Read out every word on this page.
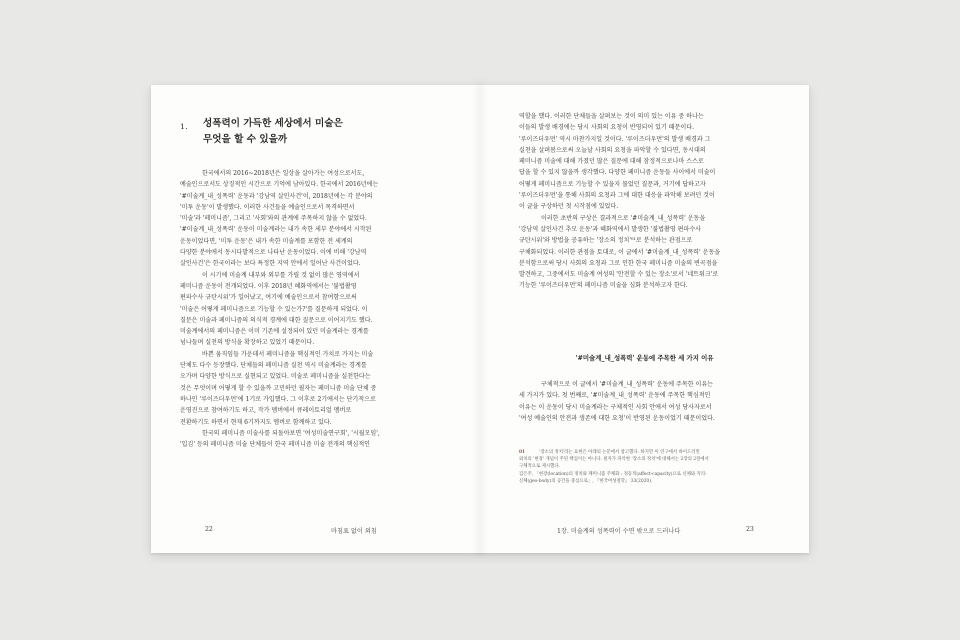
1. 성폭력이 가득한 세상에서 미술은
무엇을 할 수 있을까
한국에서의 2016~2018년은 일상을 살아가는 여성으로서도,
예술인으로서도 상징적인 시간으로 기억에 남아있다. 한국에서 2016년에는
'#미술계_내_성폭력' 운동과 '강남역 살인사건'이, 2018년에는 각 분야의
'미투 운동'이 발생했다. 이러한 사건들을 예술인으로서 목격하면서
'미술'과 '페미니즘', 그리고 '사회'와의 관계에 주목하지 않을 수 없었다.
'#미술계_내_성폭력' 운동이 미술계라는 내가 속한 세부 분야에서 시작된
운동이었다면, '미투 운동'은 내가 속한 미술계를 포함한 전 세계의
다양한 분야에서 동시다발적으로 나타난 운동이었다. 이에 비해 '강남역
살인사건'은 한국이라는 보다 특정한 지역 안에서 일어난 사건이었다.
이 시기에 미술계 내부와 외부를 가릴 것 없이 많은 영역에서
페미니즘 운동이 전개되었다. 이후 2018년 혜화역에서는 '불법촬영
편파수사 규탄시위'가 일어났고, 여기에 예술인으로서 참여함으로써
'미술은 어떻게 페미니즘으로 기능할 수 있는가?'를 질문하게 되었다. 이
질문은 미술과 페미니즘의 의식적 경계에 대한 질문으로 이어지기도 했다.
미술계에서의 페미니즘은 이미 기존에 설정되어 있던 미술계라는 경계를
넘나들며 실천의 방식을 확장하고 있었기 때문이다.
바쁜 움직임들 가운데서 페미니즘을 핵심적인 가치로 가지는 미술
단체도 다수 등장했다. 단체들의 페미니즘 실천 역시 미술계라는 경계를
오가며 다양한 방식으로 실현되고 있었다. 미술로 페미니즘을 실천한다는
것은 무엇이며 어떻게 할 수 있을까 고민하던 필자는 페미니즘 미술 단체 중
하나인 '루이즈더우먼'에 1기로 가입했다. 그 이후로 2기에서는 단기적으로
운영진으로 참여하기도 하고, 작가 멤버에서 큐레이토리얼 멤버로
전환하기도 하면서 현재 6기까지도 멤버로 함께하고 있다.
한국의 페미니즘 미술사를 되돌아보면 '여성미술연구회', '시월모임',
'입김' 등의 페미니즘 미술 단체들이 한국 페미니즘 미술 전개의 핵심적인
22	마침표 없이 외침
역할을 했다. 이러한 단체들을 살펴보는 것이 의미 있는 이유 중 하나는
이들의 발생 배경에는 당시 사회의 요청이 반영되어 있기 때문이다.
'루이즈더우먼' 역시 마찬가지일 것이다. '루이즈더우먼'의 발생 배경과 그
실천을 살펴봄으로써 오늘날 사회의 요청을 파악할 수 있다면, 동시대의
페미니즘 미술에 대해 가졌던 많은 질문에 대해 잠정적으로나마 스스로
답을 할 수 있지 않을까 생각했다. 다양한 페미니즘 운동들 사이에서 미술이
어떻게 페미니즘으로 기능할 수 있을지 물었던 질문과, 거기에 답하고자
'루이즈더우먼'을 통해 사회의 요청과 그에 대한 대응을 파악해 보려던 것이
이 글을 구상하던 첫 시작점에 있었다.
이러한 초반의 구상은 결과적으로 '#미술계_내_성폭력' 운동을
'강남역 살인사건 추모 운동'과 혜화역에서 발생한 '불법촬영 편파수사
규탄시위'와 방법을 공유하는 '장소의 정치'⁰¹로 분석하는 관점으로
구체화되었다. 이러한 관점을 토대로, 이 글에서 '#미술계_내_성폭력' 운동을
분석함으로써 당시 사회의 요청과 그로 인한 한국 페미니즘 미술의 변곡점을
발견하고, 그중에서도 미술계 여성의 '안전할 수 있는 장소'로서 '네트워크'로
기능한 '루이즈더우먼'의 페미니즘 미술을 심화 분석하고자 한다.
'#미술계_내_성폭력' 운동에 주목한 세 가지 이유
구체적으로 이 글에서 '#미술계_내_성폭력' 운동에 주목한 이유는
세 가지가 있다. 첫 번째로, '#미술계_내_성폭력' 운동에 주목한 핵심적인
이유는 이 운동이 당시 미술계라는 구체적인 사회 안에서 여성 당사자로서
'여성 예술인의 안전과 생존에 대한 요청'이 반영된 운동이었기 때문이었다.
01	'장소의 정치'라는 표현은 아래의 논문에서 참고했다. 하지만 이 연구에서 바이드러먼
외치의 '현장' 개념이 주된 핵심이는 아니다. 필자가 파악한 '장소의 정치'에 대해서는 2장의 2절에서
구체적으로 제시했다.
김은주, 「현장(location)의 정치와 페미니즘 주체화 : 정동적(affect-capacity)으로 신체와 지리-
신체(geo-body)의 공간을 중심으로」, 『한국여성철학』 33(2020).
1장. 미술계의 성폭력이 수면 밖으로 드러나다	23
